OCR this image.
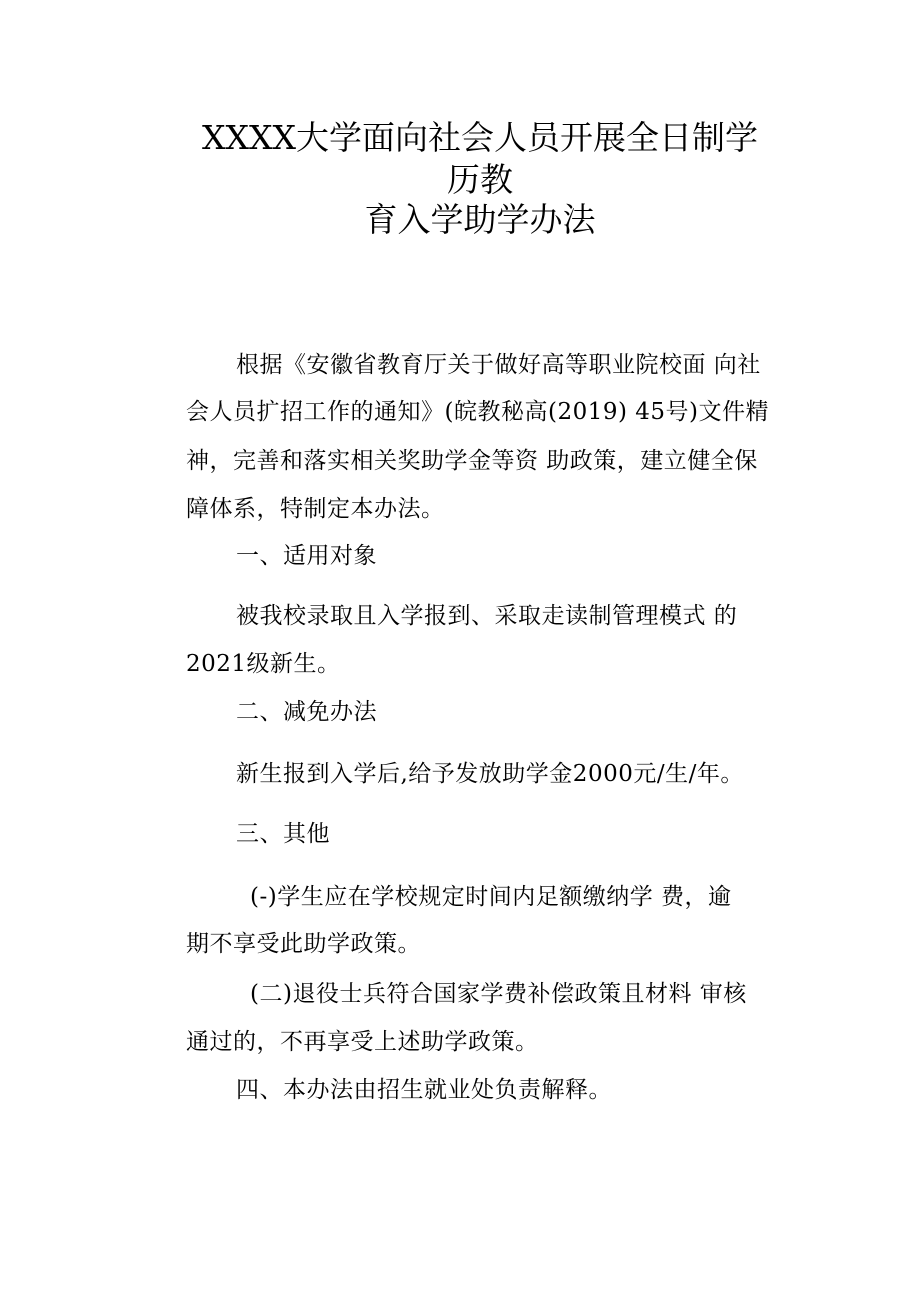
XXXX大学面向社会人员开展全日制学
历教
育入学助学办法
根据《安徽省教育厅关于做好高等职业院校面 向社
会人员扩招工作的通知》(皖教秘高(2019) 45号)文件精
神，完善和落实相关奖助学金等资 助政策，建立健全保
障体系，特制定本办法。
一、适用对象
被我校录取且入学报到、采取走读制管理模式 的
2021级新生。
二、减免办法
新生报到入学后,给予发放助学金2000元/生/年。
三、其他
(-)学生应在学校规定时间内足额缴纳学 费，逾
期不享受此助学政策。
(二)退役士兵符合国家学费补偿政策且材料 审核
通过的，不再享受上述助学政策。
四、本办法由招生就业处负责解释。
